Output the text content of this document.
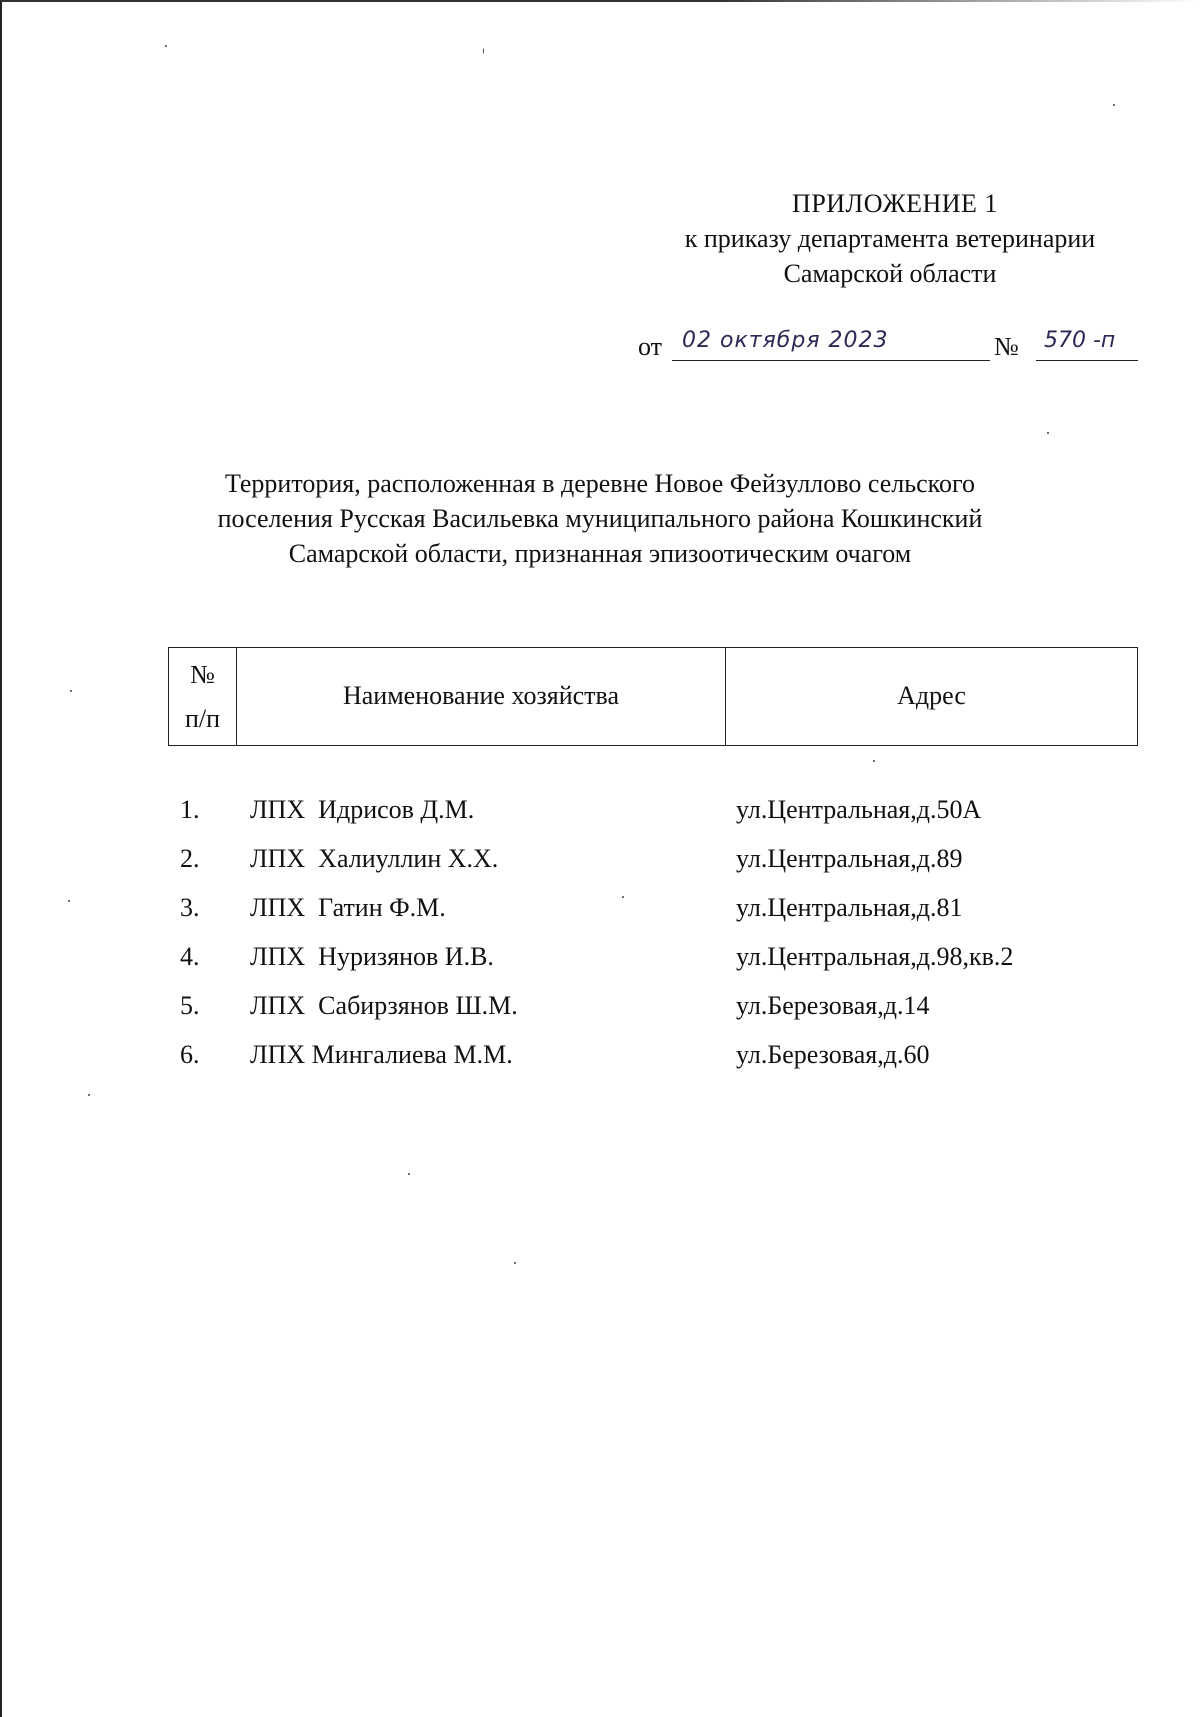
ПРИЛОЖЕНИЕ 1
к приказу департамента ветеринарии
Самарской области
от 02 октября 2023	№ 570 -п
Территория, расположенная в деревне Новое Фейзуллово сельского
поселения Русская Васильевка муниципального района Кошкинский
Самарской области, признанная эпизоотическим очагом
№
п/п
Наименование хозяйства	Адрес
1. ЛПХ  Идрисов Д.М.	ул.Центральная,д.50А
2. ЛПХ  Халиуллин Х.Х.	ул.Центральная,д.89
3. ЛПХ  Гатин Ф.М.	ул.Центральная,д.81
4. ЛПХ  Нуризянов И.В.	ул.Центральная,д.98,кв.2
5. ЛПХ  Сабирзянов Ш.М.	ул.Березовая,д.14
6. ЛПХ Мингалиева М.М.	ул.Березовая,д.60
